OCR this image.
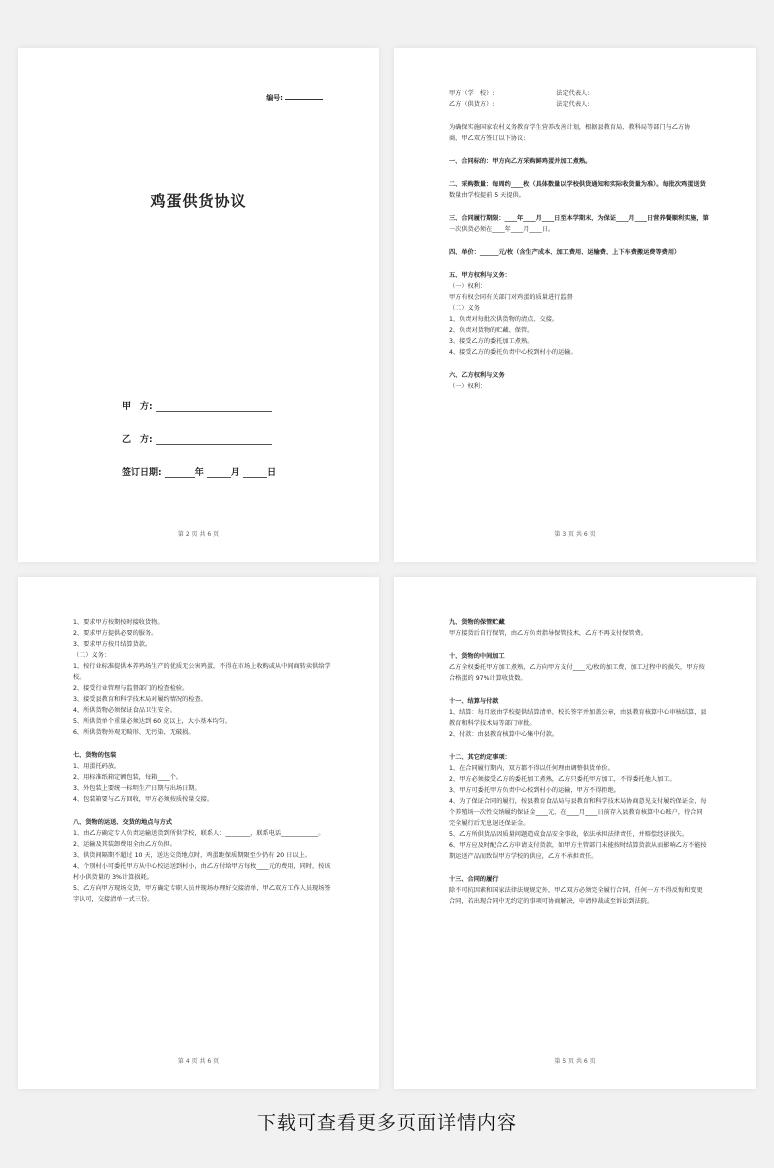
编号:
鸡蛋供货协议
甲　方:
乙　方:
签订日期:	年	月	日
第 2 页 共 6 页
甲方（学　校）:　　　　　　　　　　法定代表人:
乙方（供货方）:　　　　　　　　　　法定代表人:
为确保实施国家农村义务教育学生营养改善计划，根据县教育局、教科局等部门与乙方协
商，甲乙双方签订以下协议:
一、合同标的：甲方向乙方采购鲜鸡蛋并加工煮熟。
二、采购数量：每周约____枚（具体数量以学校供货通知和实际收货量为准）。每批次鸡蛋送货
数量由学校提前 5 天提供。
三、合同履行期限：____年____月____日至本学期末，为保证____月____日营养餐顺利实施，第
一次供货必须在____年____月____日。
四、单价：______元/枚（含生产成本、加工费用、运输费、上下车费搬运费等费用）
五、甲方权利与义务：
（一）权利：
甲方有权会同有关部门对鸡蛋的质量进行监督
（二）义务
1、负责对每批次供货物的清点、交接。
2、负责对货物的贮藏、保管。
3、接受乙方的委托加工煮熟。
4、接受乙方的委托负责中心校到村小的运输。
六、乙方权利与义务
（一）权利：
第 3 页 共 6 页
1、要求甲方按期按时接收货物。
2、要求甲方提供必要的服务。
3、要求甲方按月结算货款。
（二）义务：
1、按行业标准提供本养鸡场生产的优质无公害鸡蛋，不得在市场上收购或从中间商转卖供给学
校。
2、接受行业管理与监督部门的检查检验。
3、接受县教育和科学技术局对履约情况的检查。
4、所供货物必须保证食品卫生安全。
5、所供货单个重量必须达到 60 克以上，大小基本均匀。
6、所供货物外观无畸形、无污染、无破损。
七、货物的包装
1、用蛋托码放。
2、用标准纸箱定额包装，每箱____个。
3、外包装上要统一标明生产日期与出场日期。
4、包装箱要与乙方回收，甲方必须按质按量交接。
八、货物的运送、交货的地点与方式
1、由乙方确定专人负责运输送货到所供学校，联系人：________，联系电话____________。
2、运输及其装卸费用全由乙方负担。
3、供货间隔期不超过 10 天，送达交货地点时，鸡蛋距保质期限至少仍有 20 日以上。
4、个别村小可委托甲方从中心校运送到村小，由乙方付给甲方每枚____元的费用，同时，按该
村小供货量的 3%计算损耗。
5、乙方向甲方现场交货，甲方确定专职人员并现场办理好交接清单，甲乙双方工作人员现场签
字认可，交接清单一式三份。
第 4 页 共 6 页
九、货物的保管贮藏
甲方接货后自行保管，由乙方负责指导保管技术，乙方不再支付保管费。
十、货物的中间加工
乙方全权委托甲方加工煮熟，乙方向甲方支付____元/枚的加工费，加工过程中的损失，甲方按
合格蛋的 97%计算收货数。
十一、结算与付款
1、结算：每月底由学校提供结算清单，校长签字并加盖公章，由县教育核算中心审核结算，县
教育和科学技术局等部门审批。
2、付款：由县教育核算中心集中付款。
十二、其它约定事项：
1、在合同履行期内，双方都不得以任何理由调整供货单价。
2、甲方必须接受乙方的委托加工煮熟，乙方只委托甲方加工，不得委托他人加工。
3、甲方可委托甲方负责中心校到村小的运输，甲方不得拒绝。
4、为了保证合同的履行，按县教育食品局与县教育和科学技术局协商意见支付履约保证金，每
个养殖场一次性交纳履约保证金____元，在____月____日前存入县教育核算中心账户，待合同
完全履行后无息退还保证金。
5、乙方所供货品因质量问题造成食品安全事故，依法承担法律责任，并赔偿经济损失。
6、甲方应及时配合乙方申请支付货款，如甲方主管部门未能按时结算货款从而影响乙方不能按
期运送产品而致误甲方学校的供应，乙方不承担责任。
十三、合同的履行
除不可抗因素和国家法律法规规定外，甲乙双方必须完全履行合同，任何一方不得反悔和变更
合同，若出现合同中无约定的事项可协商解决，申请仲裁或至诉讼到法院。
第 5 页 共 6 页
下载可查看更多页面详情内容
